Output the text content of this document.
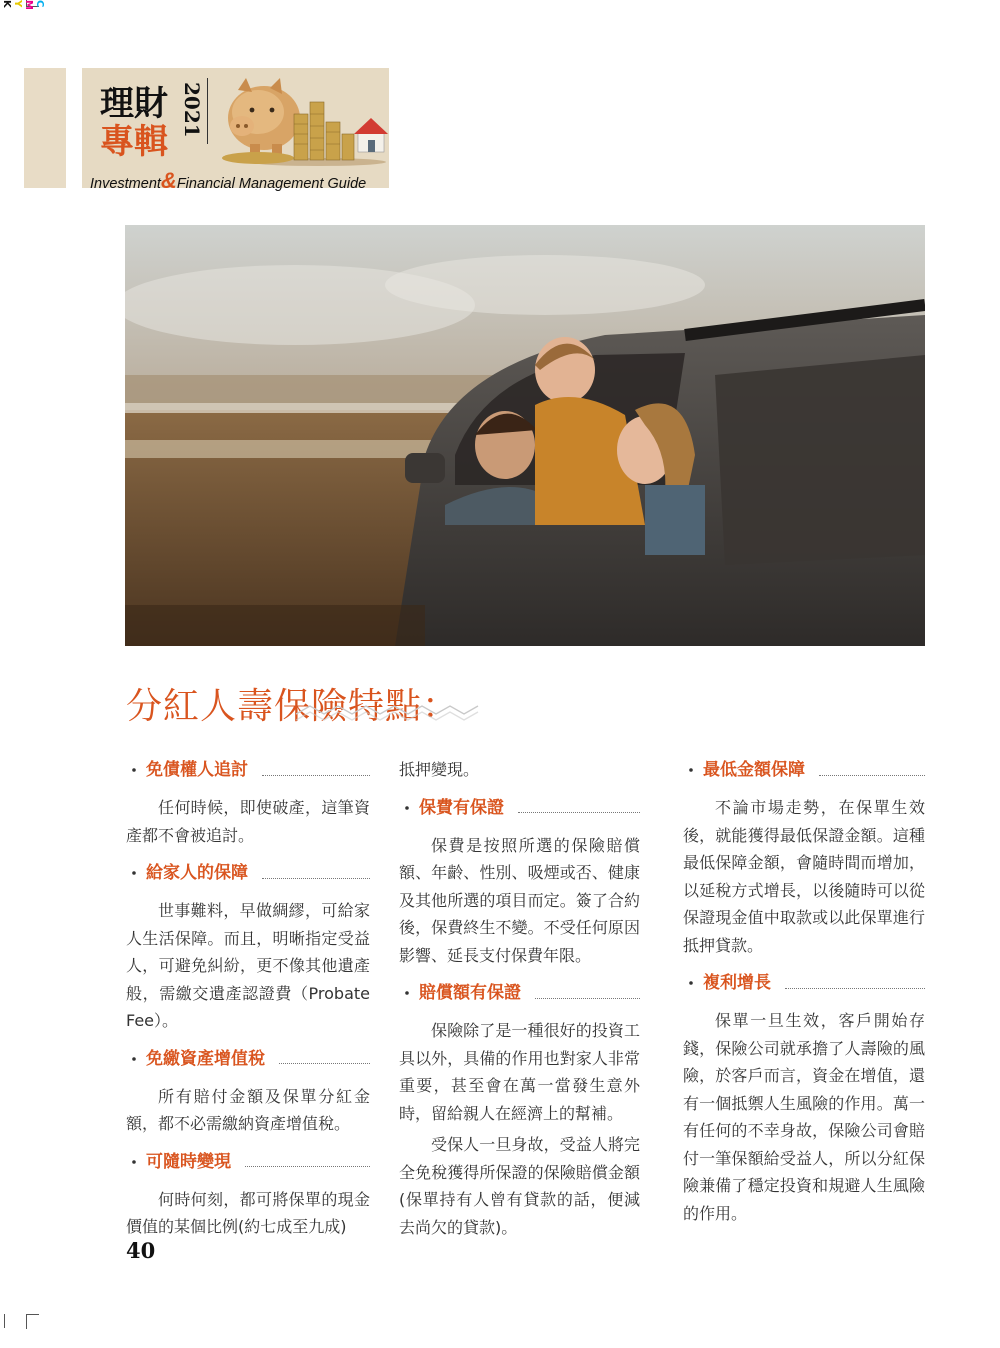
C
M
Y
K
理財
專輯
2021
Investment&Financial Management Guide
分紅人壽保險特點：
・ 免債權人追討

任何時候，即使破產，這筆資產都不會被追討。

・ 給家人的保障

世事難料，早做綢繆，可給家人生活保障。而且，明晰指定受益人，可避免糾紛，更不像其他遺產般，需繳交遺產認證費（Probate Fee）。

・ 免繳資產增值稅

所有賠付金額及保單分紅金額，都不必需繳納資產增值稅。

・ 可隨時變現

何時何刻，都可將保單的現金價值的某個比例(約七成至九成)

抵押變現。

・ 保費有保證

保費是按照所選的保險賠償額、年齡、性別、吸煙或否、健康及其他所選的項目而定。簽了合約後，保費終生不變。不受任何原因影響、延長支付保費年限。

・ 賠償額有保證

保險除了是一種很好的投資工具以外，具備的作用也對家人非常重要，甚至會在萬一當發生意外時，留給親人在經濟上的幫補。

受保人一旦身故，受益人將完全免稅獲得所保證的保險賠償金額(保單持有人曾有貸款的話，便減去尚欠的貸款)。

・ 最低金額保障

不論市場走勢，在保單生效後，就能獲得最低保證金額。這種最低保障金額，會隨時間而增加，以延稅方式增長，以後隨時可以從保證現金值中取款或以此保單進行抵押貸款。

・ 複利增長

保單一旦生效，客戶開始存錢，保險公司就承擔了人壽險的風險，於客戶而言，資金在增值，還有一個抵禦人生風險的作用。萬一有任何的不幸身故，保險公司會賠付一筆保額給受益人，所以分紅保險兼備了穩定投資和規避人生風險的作用。

40
